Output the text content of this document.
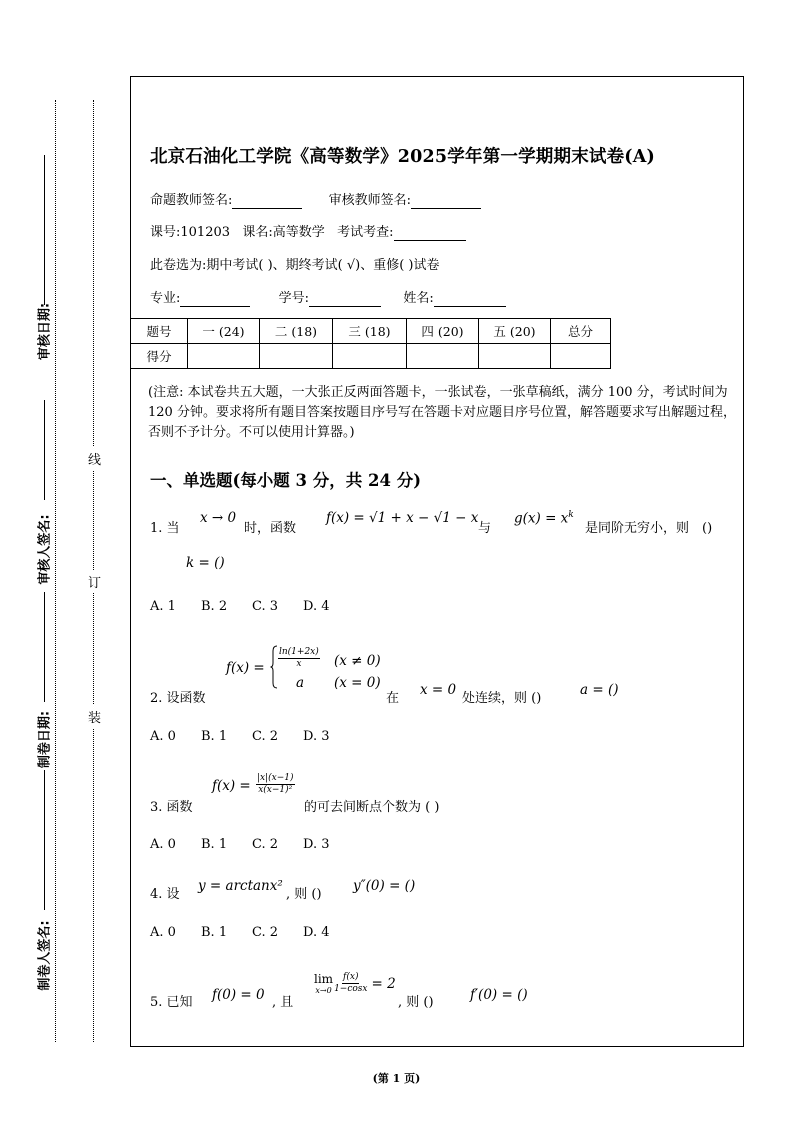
审核日期:
审核人签名:
制卷日期:
制卷人签名:
线
订
装
北京石油化工学院《高等数学》2025学年第一学期期末试卷(A)
命题教师签名:	审核教师签名:
课号:101203   课名:高等数学   考试考查:
此卷选为:期中考试( )、期终考试( √)、重修( )试卷
专业:	学号:	姓名:
题号	一 (24)	二 (18)	三 (18)	四 (20)	五 (20)	总分
得分						
(注意: 本试卷共五大题，一大张正反两面答题卡，一张试卷，一张草稿纸，满分 100 分，考试时间为 120 分钟。要求将所有题目答案按题目序号写在答题卡对应题目序号位置，解答题要求写出解题过程，否则不予计分。不可以使用计算器。)
一、单选题(每小题 3 分，共 24 分)
1. 当
x → 0
时，函数
f(x) = √1 + x − √1 − x
与
$g(x) = x^k$
是同阶无穷小，则　()
k = ()
A. 1 B. 2 C. 3 D. 4
2. 设函数
$f(x) = \frac{\ln(1+2x)}{x} (x \ne 0)$
a (x = 0)
在
x = 0
处连续，则 ()
a = ()
A. 0 B. 1 C. 2 D. 3
3. 函数
$f(x) = \frac{|x|(x-1)}{\text{x(x−1)²}}$
的可去间断点个数为 ( )
A. 0 B. 1 C. 2 D. 3
4. 设
y = arctanx²
, 则 ()
y″(0) = ()
A. 0 B. 1 C. 2 D. 4
5. 已知 f(0) = 0 , 且
lim
$x\to 0 \frac{f(x)}{1-\cos x} = 2$
, 则 ()	f′(0) = ()
(第 1 页)
